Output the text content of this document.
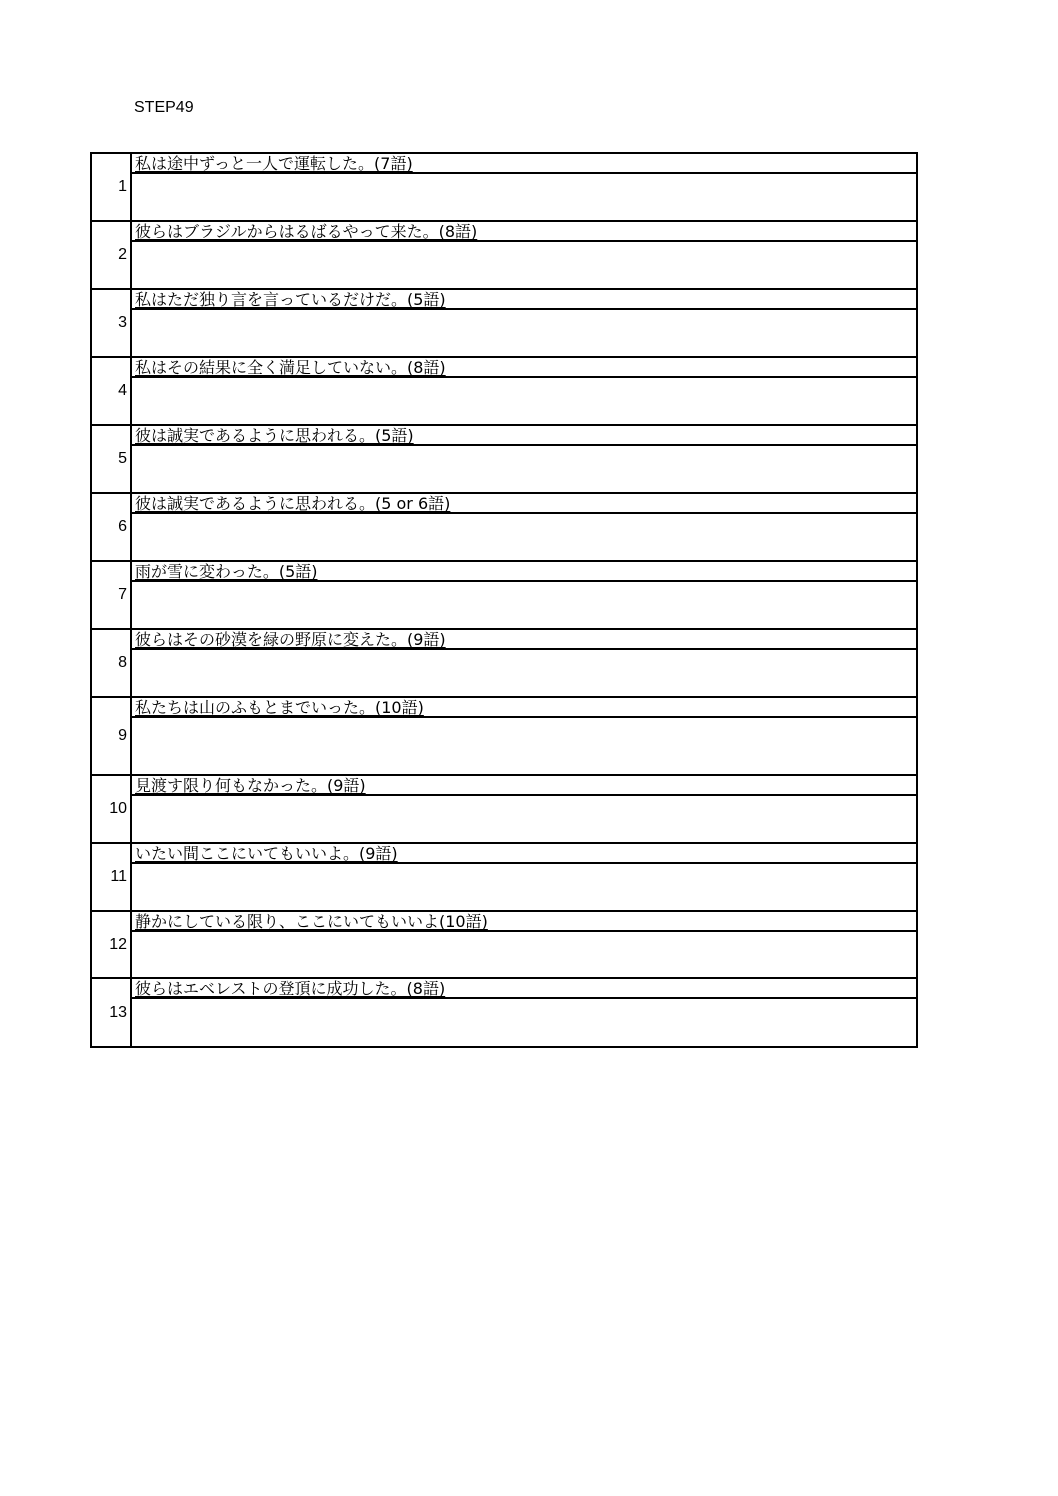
STEP49
1
私は途中ずっと一人で運転した。(7語)
2
彼らはブラジルからはるばるやって来た。(8語)
3
私はただ独り言を言っているだけだ。(5語)
4
私はその結果に全く満足していない。(8語)
5
彼は誠実であるように思われる。(5語)
6
彼は誠実であるように思われる。(5 or 6語)
7
雨が雪に変わった。(5語)
8
彼らはその砂漠を緑の野原に変えた。(9語)
9
私たちは山のふもとまでいった。(10語)
10
見渡す限り何もなかった。(9語)
11
いたい間ここにいてもいいよ。(9語)
12
静かにしている限り、ここにいてもいいよ(10語)
13
彼らはエベレストの登頂に成功した。(8語)
